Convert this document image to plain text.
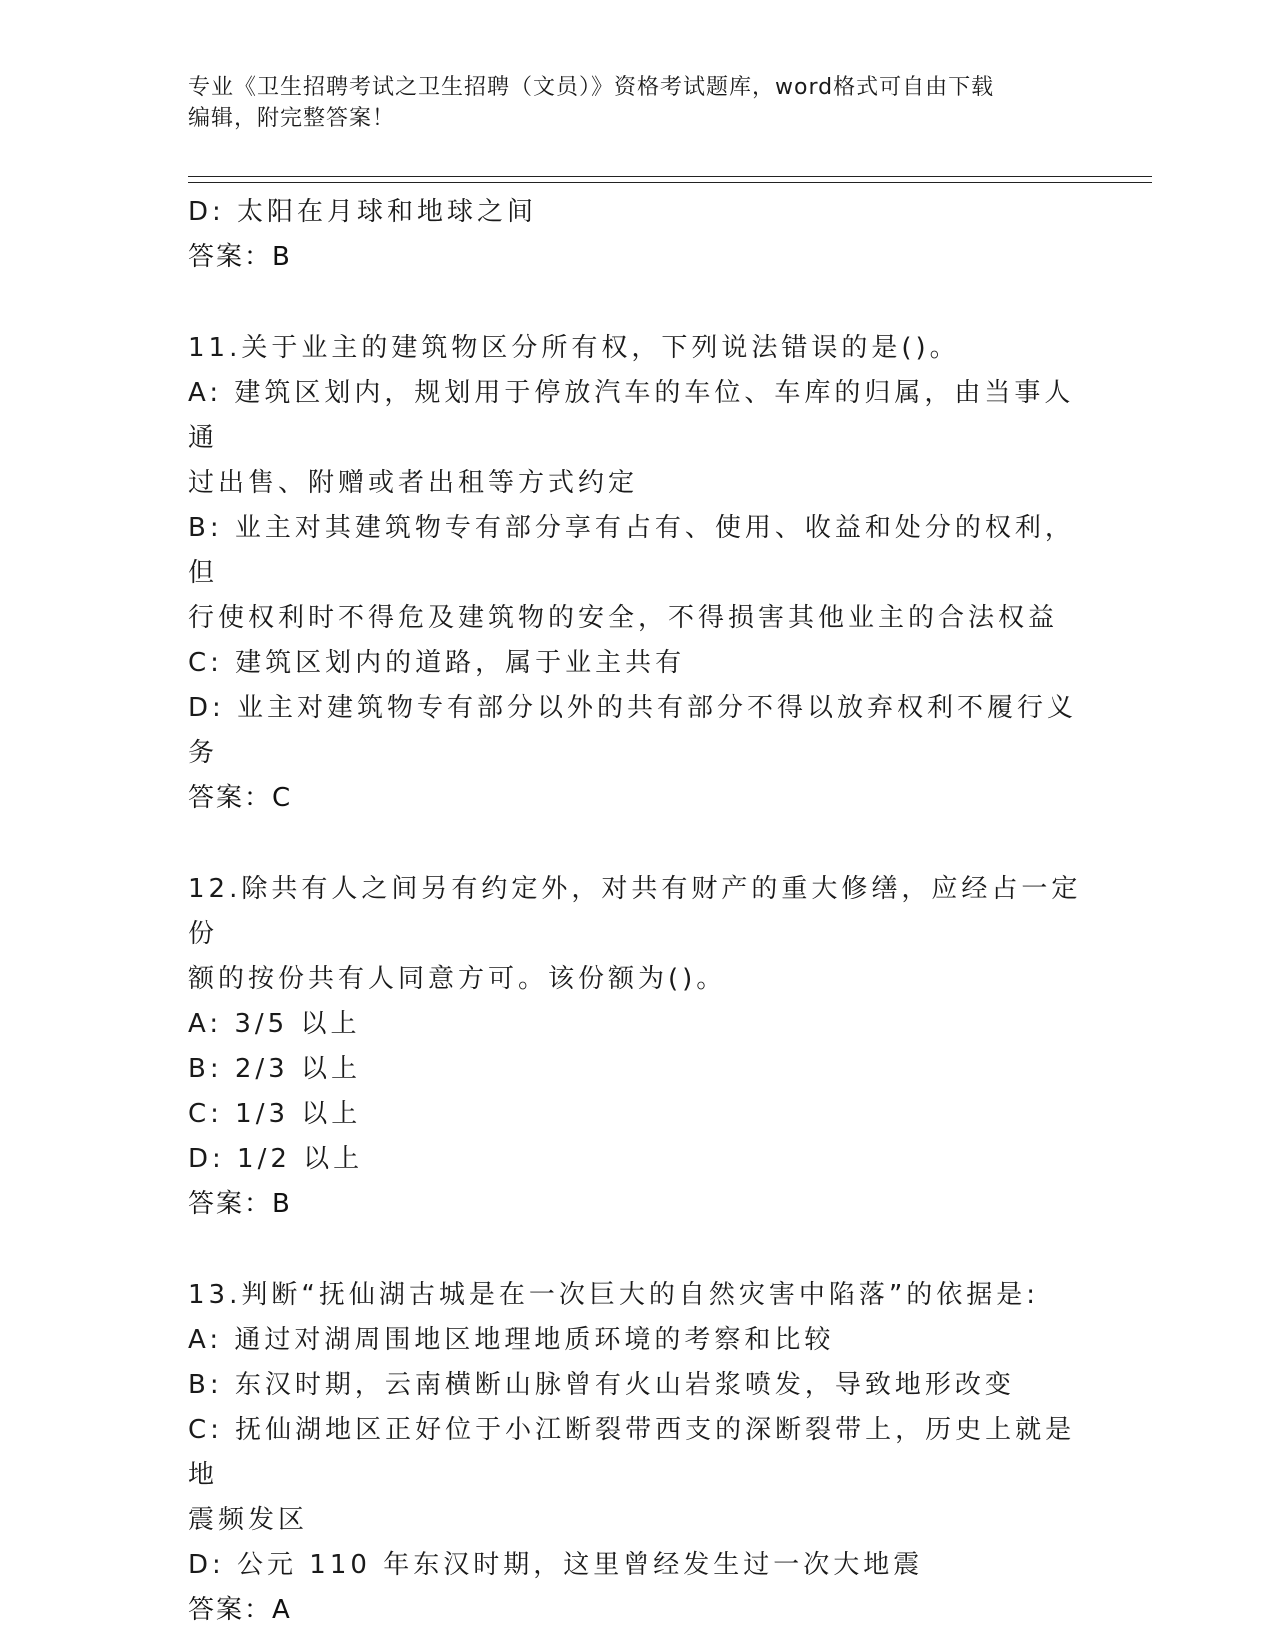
专业《卫生招聘考试之卫生招聘（文员）》资格考试题库，word格式可自由下载
编辑，附完整答案！
D: 太阳在月球和地球之间
答案：B
11.关于业主的建筑物区分所有权，下列说法错误的是()。
A: 建筑区划内，规划用于停放汽车的车位、车库的归属，由当事人通
过出售、附赠或者出租等方式约定
B: 业主对其建筑物专有部分享有占有、使用、收益和处分的权利，但
行使权利时不得危及建筑物的安全，不得损害其他业主的合法权益
C: 建筑区划内的道路，属于业主共有
D: 业主对建筑物专有部分以外的共有部分不得以放弃权利不履行义务
答案：C
12.除共有人之间另有约定外，对共有财产的重大修缮，应经占一定份
额的按份共有人同意方可。该份额为()。
A: 3/5 以上
B: 2/3 以上
C: 1/3 以上
D: 1/2 以上
答案：B
13.判断“抚仙湖古城是在一次巨大的自然灾害中陷落”的依据是:
A: 通过对湖周围地区地理地质环境的考察和比较
B: 东汉时期，云南横断山脉曾有火山岩浆喷发，导致地形改变
C: 抚仙湖地区正好位于小江断裂带西支的深断裂带上，历史上就是地
震频发区
D: 公元 110 年东汉时期，这里曾经发生过一次大地震
答案：A
